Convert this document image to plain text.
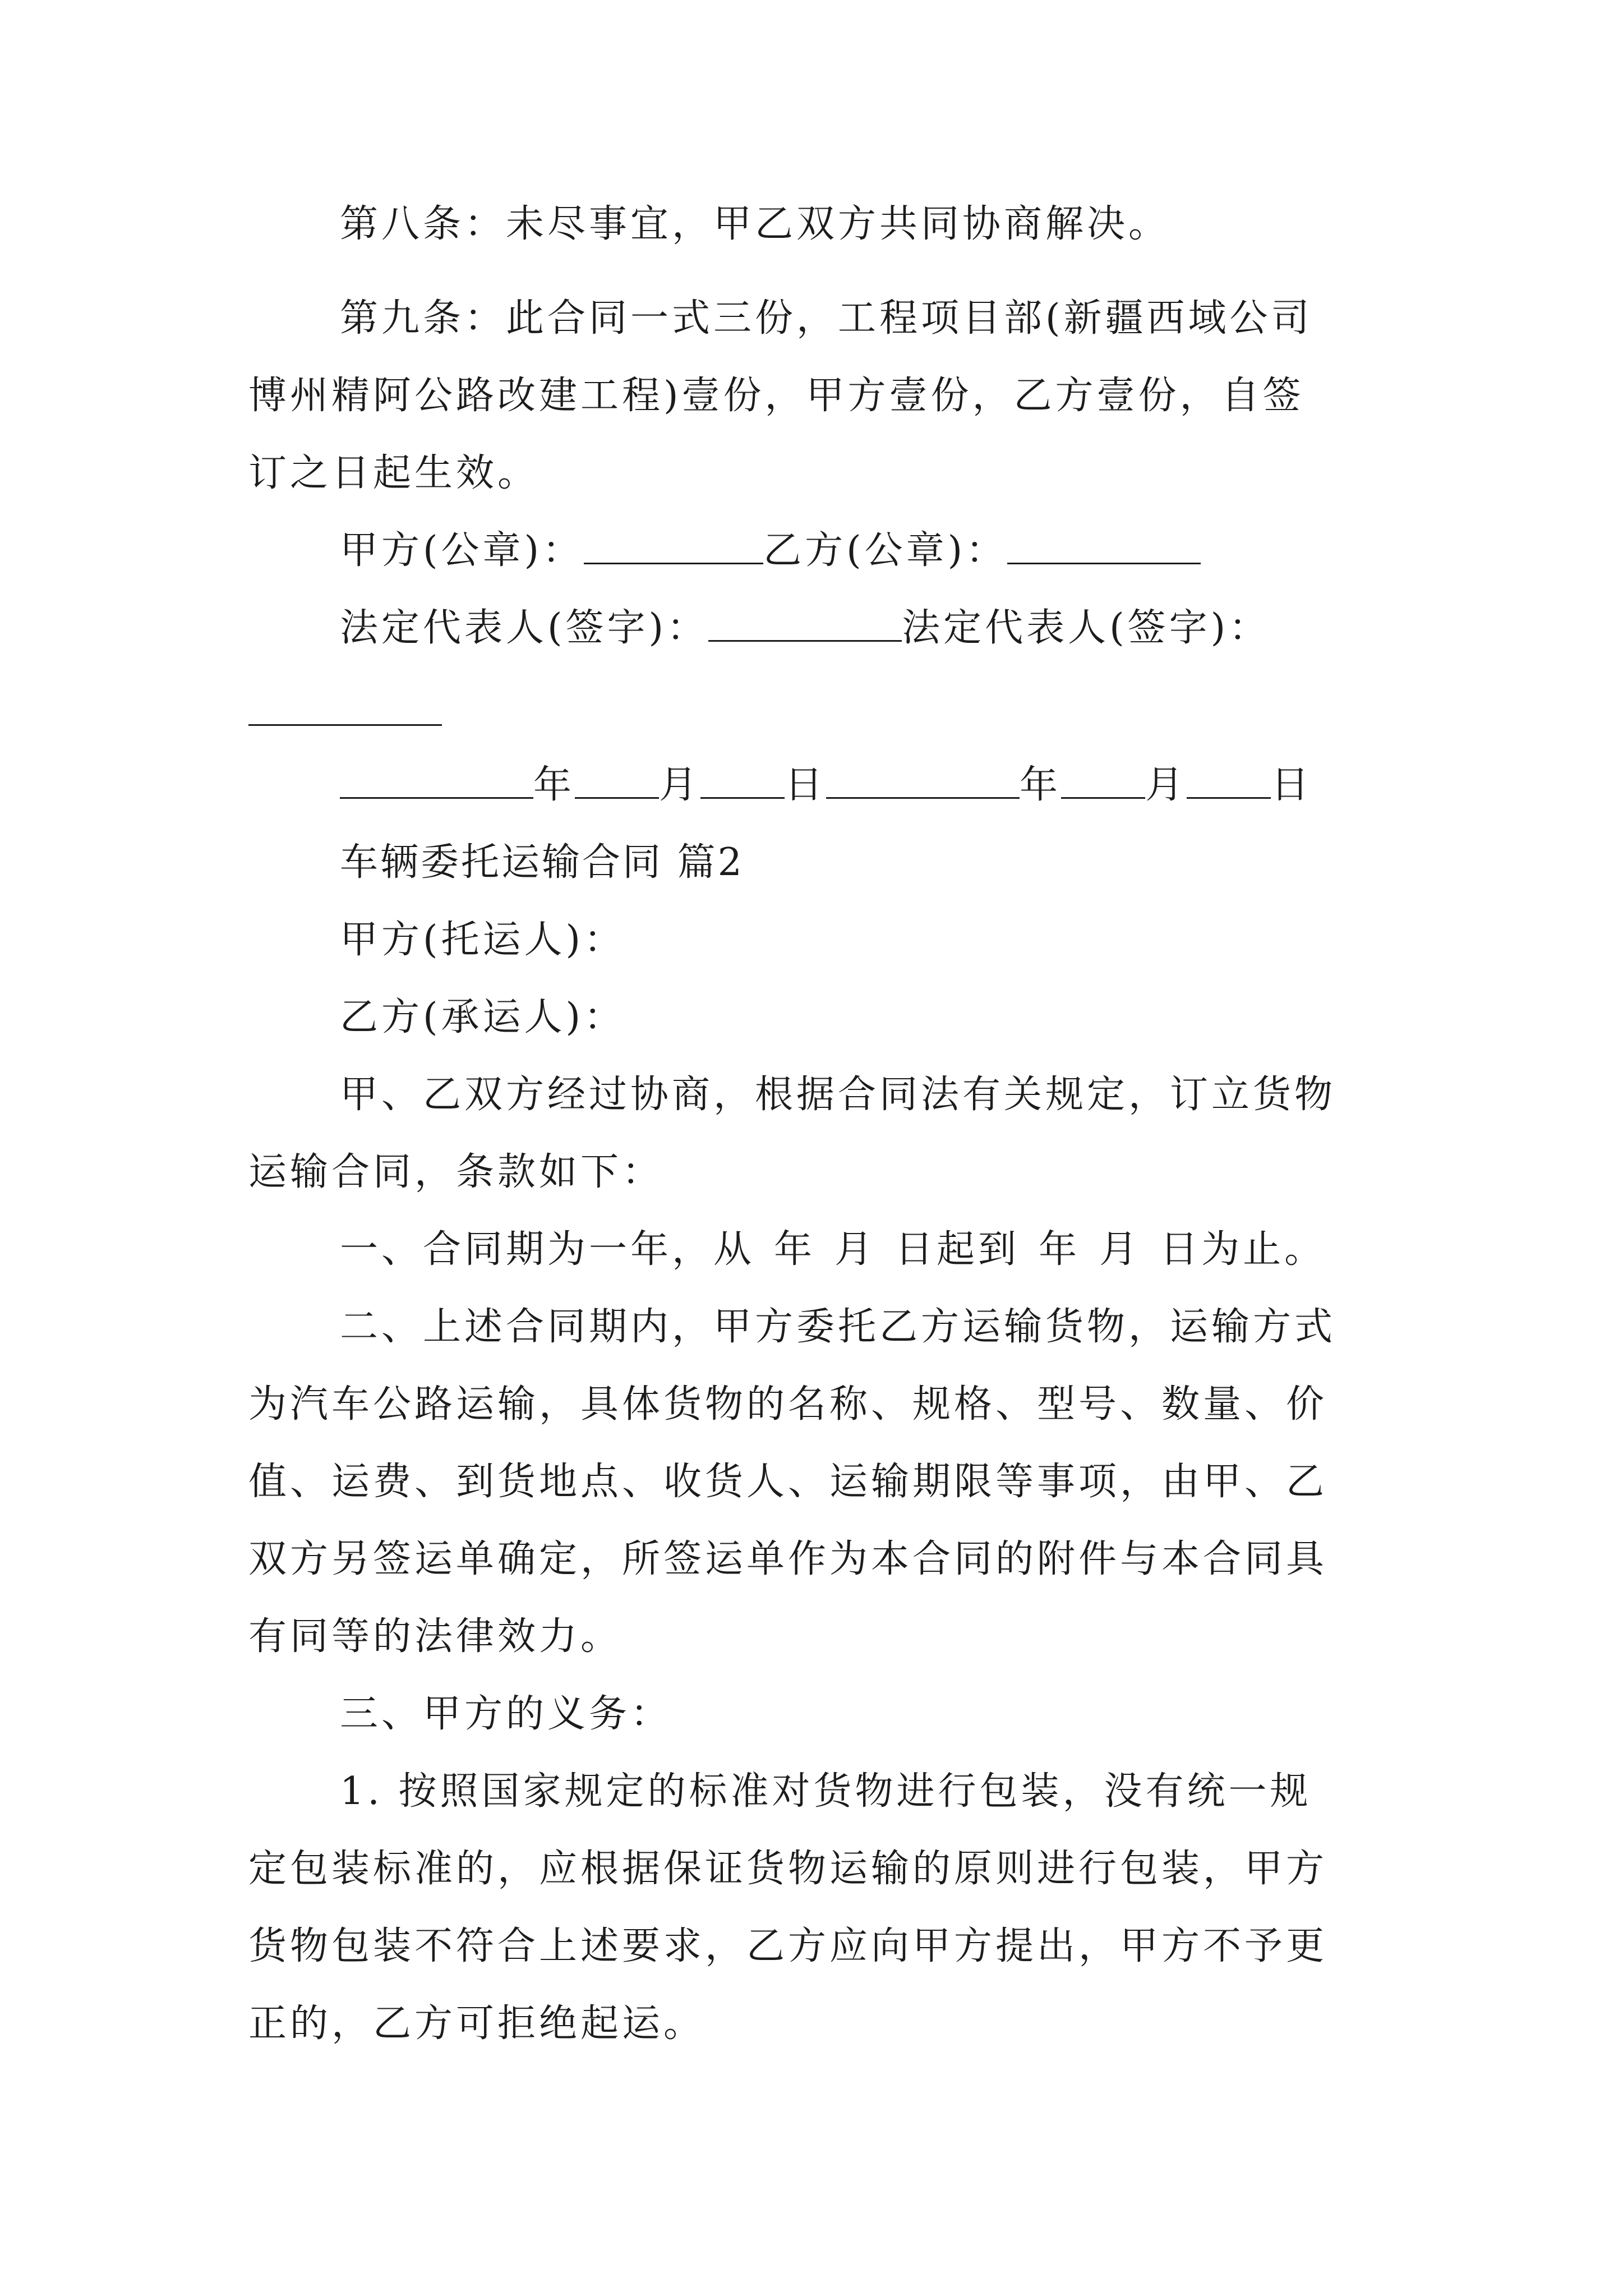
第八条：未尽事宜，甲乙双方共同协商解决。
第九条：此合同一式三份，工程项目部(新疆西域公司
博州精阿公路改建工程)壹份，甲方壹份，乙方壹份，自签
订之日起生效。
甲方(公章)：	乙方(公章)：
法定代表人(签字)：	法定代表人(签字)：
年 月 日	年 月 日
车辆委托运输合同 篇2
甲方(托运人)：
乙方(承运人)：
甲、乙双方经过协商，根据合同法有关规定，订立货物
运输合同，条款如下：
一、合同期为一年，从 年 月 日起到 年 月 日为止。
二、上述合同期内，甲方委托乙方运输货物，运输方式
为汽车公路运输，具体货物的名称、规格、型号、数量、价
值、运费、到货地点、收货人、运输期限等事项，由甲、乙
双方另签运单确定，所签运单作为本合同的附件与本合同具
有同等的法律效力。
三、甲方的义务：
1. 按照国家规定的标准对货物进行包装，没有统一规
定包装标准的，应根据保证货物运输的原则进行包装，甲方
货物包装不符合上述要求，乙方应向甲方提出，甲方不予更
正的，乙方可拒绝起运。
